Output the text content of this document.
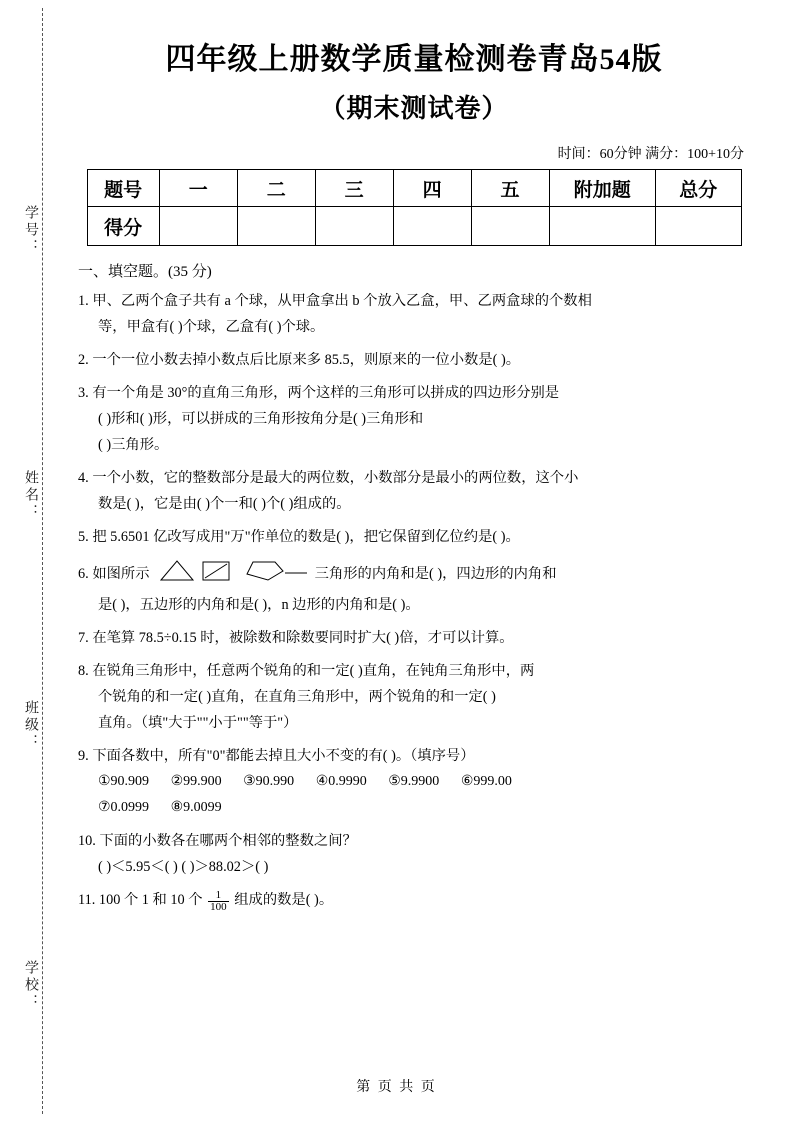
学号：
姓名：
班级：
学校：
四年级上册数学质量检测卷青岛54版
（期末测试卷）
时间：60分钟 满分：100+10分
题号	一	二	三	四	五	附加题	总分
得分							
一、填空题。(35 分)
1. 甲、乙两个盒子共有 a 个球，从甲盒拿出 b 个放入乙盒，甲、乙两盒球的个数相
等，甲盒有( )个球，乙盒有( )个球。
2. 一个一位小数去掉小数点后比原来多 85.5，则原来的一位小数是( )。
3. 有一个角是 30°的直角三角形，两个这样的三角形可以拼成的四边形分别是
( )形和( )形，可以拼成的三角形按角分是( )三角形和
( )三角形。
4. 一个小数，它的整数部分是最大的两位数，小数部分是最小的两位数，这个小
数是( )，它是由( )个一和( )个( )组成的。
5. 把 5.6501 亿改写成用"万"作单位的数是( )，把它保留到亿位约是( )。
6. 如图所示	三角形的内角和是( )，四边形的内角和
是( )，五边形的内角和是( )，n 边形的内角和是( )。
7. 在笔算 78.5÷0.15 时，被除数和除数要同时扩大( )倍，才可以计算。
8. 在锐角三角形中，任意两个锐角的和一定( )直角，在钝角三角形中，两
个锐角的和一定( )直角，在直角三角形中，两个锐角的和一定( )
直角。（填"大于""小于""等于"）
9. 下面各数中，所有"0"都能去掉且大小不变的有( )。（填序号）
①90.909 ②99.900 ③90.990 ④0.9990 ⑤9.9900 ⑥999.00
⑦0.0999 ⑧9.0099
10. 下面的小数各在哪两个相邻的整数之间？
( )＜5.95＜( ) ( )＞88.02＞( )
11. 100 个 1 和 10 个 $\frac{1}{100}$ 组成的数是( )。
第 页 共 页
